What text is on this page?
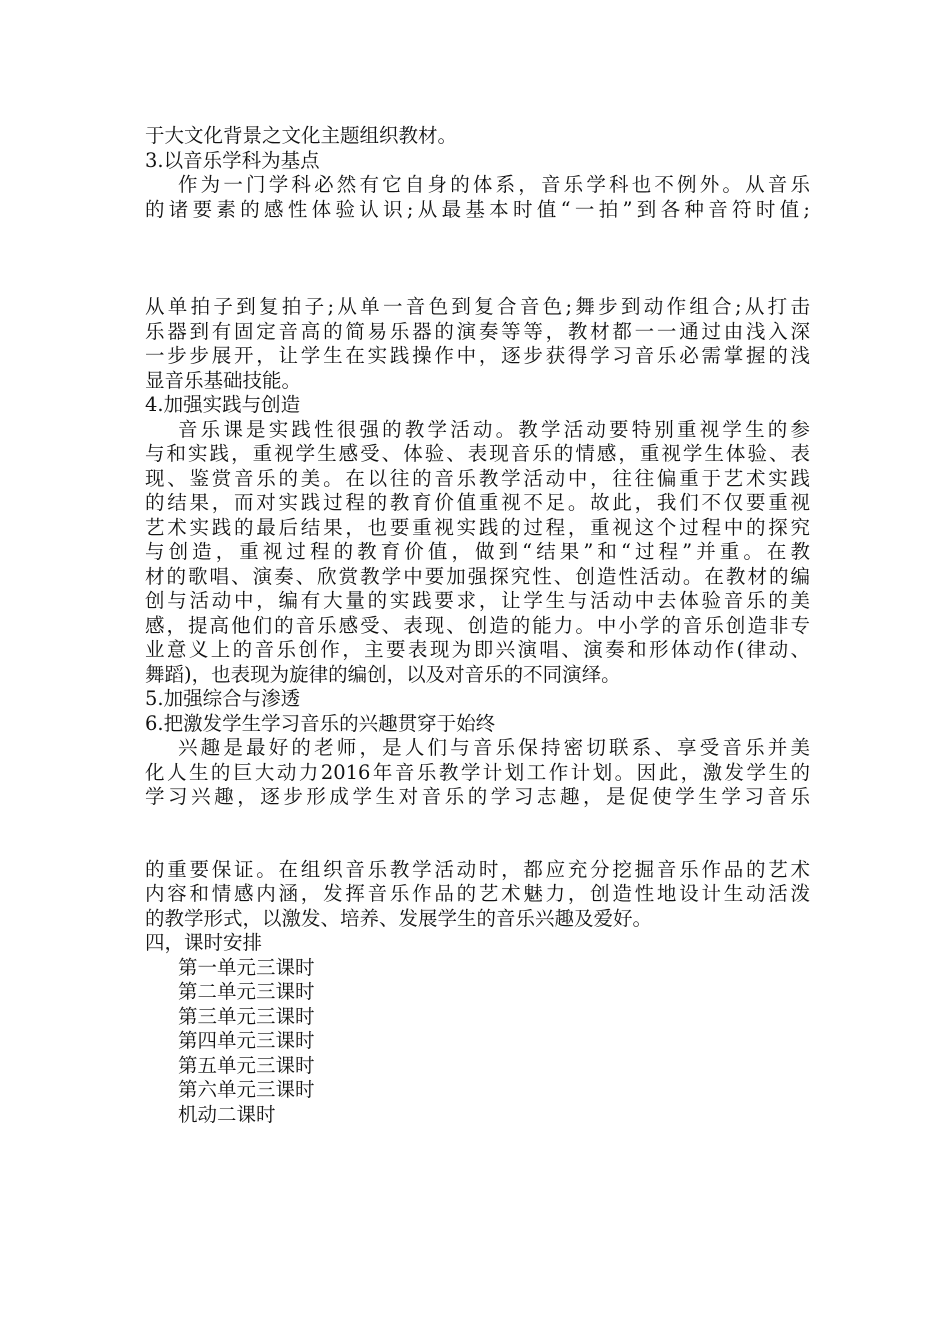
于大文化背景之文化主题组织教材。
3.以音乐学科为基点
作为一门学科必然有它自身的体系，音乐学科也不例外。从音乐
的诸要素的感性体验认识;从最基本时值“一拍”到各种音符时值;
从单拍子到复拍子;从单一音色到复合音色;舞步到动作组合;从打击
乐器到有固定音高的简易乐器的演奏等等，教材都一一通过由浅入深
一步步展开，让学生在实践操作中，逐步获得学习音乐必需掌握的浅
显音乐基础技能。
4.加强实践与创造
音乐课是实践性很强的教学活动。教学活动要特别重视学生的参
与和实践，重视学生感受、体验、表现音乐的情感，重视学生体验、表
现、鉴赏音乐的美。在以往的音乐教学活动中，往往偏重于艺术实践
的结果，而对实践过程的教育价值重视不足。故此，我们不仅要重视
艺术实践的最后结果，也要重视实践的过程，重视这个过程中的探究
与创造，重视过程的教育价值，做到“结果”和“过程”并重。在教
材的歌唱、演奏、欣赏教学中要加强探究性、创造性活动。在教材的编
创与活动中，编有大量的实践要求，让学生与活动中去体验音乐的美
感，提高他们的音乐感受、表现、创造的能力。中小学的音乐创造非专
业意义上的音乐创作，主要表现为即兴演唱、演奏和形体动作(律动、
舞蹈)，也表现为旋律的编创，以及对音乐的不同演绎。
5.加强综合与渗透
6.把激发学生学习音乐的兴趣贯穿于始终
兴趣是最好的老师，是人们与音乐保持密切联系、享受音乐并美
化人生的巨大动力2016年音乐教学计划工作计划。因此，激发学生的
学习兴趣，逐步形成学生对音乐的学习志趣，是促使学生学习音乐
的重要保证。在组织音乐教学活动时，都应充分挖掘音乐作品的艺术
内容和情感内涵，发挥音乐作品的艺术魅力，创造性地设计生动活泼
的教学形式，以激发、培养、发展学生的音乐兴趣及爱好。
四，课时安排
第一单元三课时
第二单元三课时
第三单元三课时
第四单元三课时
第五单元三课时
第六单元三课时
机动二课时
